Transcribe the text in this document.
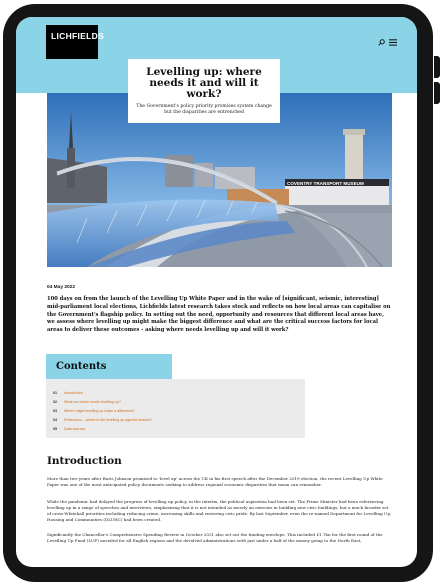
LICHFIELDS
COVENTRY TRANSPORT MUSEUM
04 May 2022

100 days on from the launch of the Levelling Up White Paper and in the wake of [significant, seismic, interesting] mid-parliament local elections, Lichfields latest research takes stock and reflects on how local areas can capitalise on the Government's flagship policy. In setting out the need, opportunity and resources that different local areas have, we assess where levelling up might make the biggest difference and what are the critical success factors for local areas to deliver these outcomes - asking where needs levelling up and will it work?

Contents
01 Introduction
02 What not where needs levelling up?
03 Where might levelling up make a difference?
04 Reflections – where is the levelling up agenda headed?
05 Data sources
Introduction

More than two years after Boris Johnson promised to 'level up' across the UK in his first speech after the December 2019 election, the recent Levelling Up White Paper was one of the most anticipated policy documents seeking to address regional economic disparities that mean can remember.

While the pandemic had delayed the progress of levelling up policy, in the interim, the political aspiration had been set. The Prime Minister had been referencing levelling up in a range of speeches and interviews, emphasising that it is not intended as merely an exercise in building new civic buildings, but a much broader set of cross-Whitehall priorities including reducing crime, increasing skills and restoring civic pride. By last September, even the re-named Department for Levelling Up, Housing and Communities (DLUHC) had been created.

Significantly the Chancellor's Comprehensive Spending Review in October 2021 also set out the funding envelope. This included £1.7bn for the first round of the Levelling Up Fund (LUF) unveiled for all English regions and the devolved administrations with just under a half of the money going to the North East,

Levelling up: where needs it and will it work?

The Government's policy priority promises system change but the disparities are entrenched
